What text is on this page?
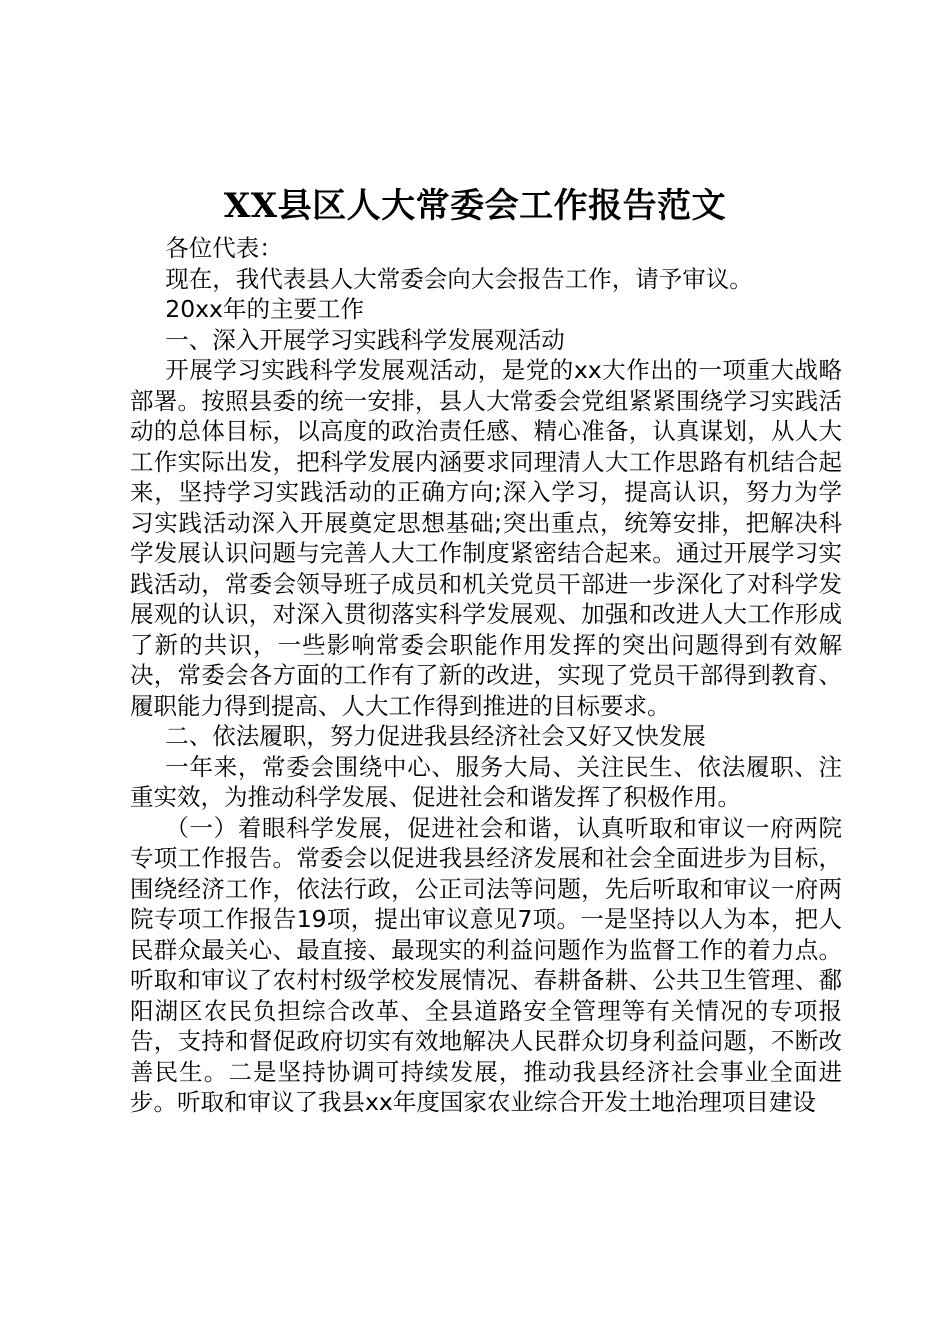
XX县区人大常委会工作报告范文

各位代表：

现在，我代表县人大常委会向大会报告工作，请予审议。

20xx年的主要工作

一、深入开展学习实践科学发展观活动

开展学习实践科学发展观活动，是党的xx大作出的一项重大战略部署。按照县委的统一安排，县人大常委会党组紧紧围绕学习实践活动的总体目标，以高度的政治责任感、精心准备，认真谋划，从人大工作实际出发，把科学发展内涵要求同理清人大工作思路有机结合起来，坚持学习实践活动的正确方向;深入学习，提高认识，努力为学习实践活动深入开展奠定思想基础;突出重点，统筹安排，把解决科学发展认识问题与完善人大工作制度紧密结合起来。通过开展学习实践活动，常委会领导班子成员和机关党员干部进一步深化了对科学发展观的认识，对深入贯彻落实科学发展观、加强和改进人大工作形成了新的共识，一些影响常委会职能作用发挥的突出问题得到有效解决，常委会各方面的工作有了新的改进，实现了党员干部得到教育、履职能力得到提高、人大工作得到推进的目标要求。

二、依法履职，努力促进我县经济社会又好又快发展

一年来，常委会围绕中心、服务大局、关注民生、依法履职、注重实效，为推动科学发展、促进社会和谐发挥了积极作用。

（一）着眼科学发展，促进社会和谐，认真听取和审议一府两院专项工作报告。常委会以促进我县经济发展和社会全面进步为目标，围绕经济工作，依法行政，公正司法等问题，先后听取和审议一府两院专项工作报告19项，提出审议意见7项。一是坚持以人为本，把人民群众最关心、最直接、最现实的利益问题作为监督工作的着力点。听取和审议了农村村级学校发展情况、春耕备耕、公共卫生管理、鄱阳湖区农民负担综合改革、全县道路安全管理等有关情况的专项报告，支持和督促政府切实有效地解决人民群众切身利益问题，不断改善民生。二是坚持协调可持续发展，推动我县经济社会事业全面进步。听取和审议了我县xx年度国家农业综合开发土地治理项目建设
